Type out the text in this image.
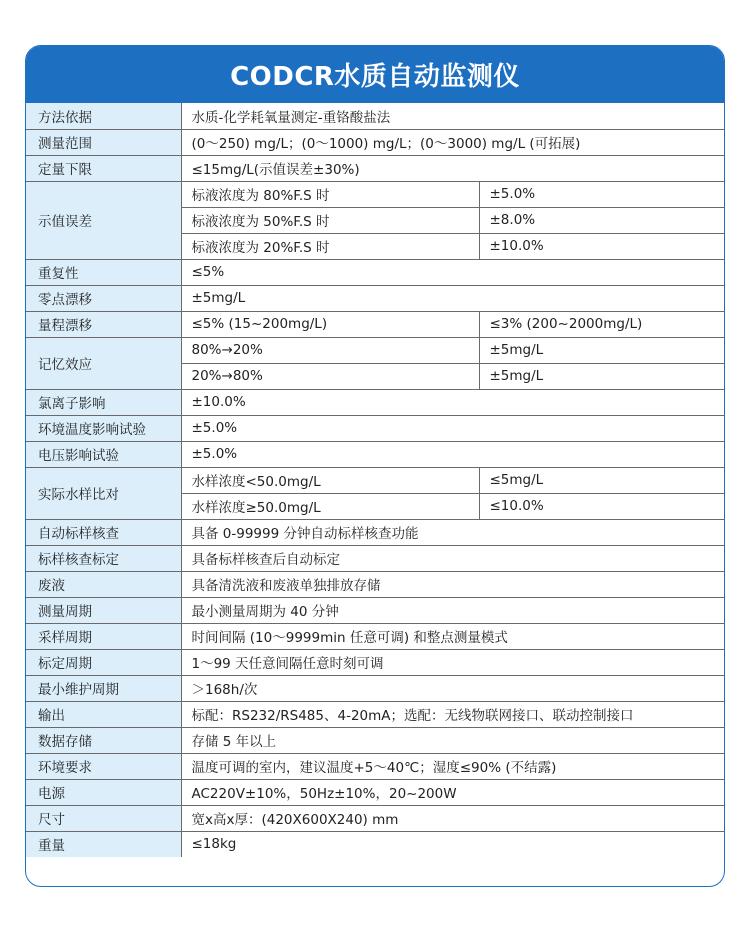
CODCR水质自动监测仪
方法依据	水质-化学耗氧量测定-重铬酸盐法	
测量范围	(0～250) mg/L；(0～1000) mg/L；(0～3000) mg/L (可拓展)	
定量下限	≤15mg/L(示值误差±30%)	
示值误差	标液浓度为 80%F.S 时	±5.0%
	标液浓度为 50%F.S 时	±8.0%
	标液浓度为 20%F.S 时	±10.0%
重复性	≤5%	
零点漂移	±5mg/L	
量程漂移	≤5% (15~200mg/L)	≤3% (200~2000mg/L)
记忆效应	80%→20%	±5mg/L
	20%→80%	±5mg/L
氯离子影响	±10.0%	
环境温度影响试验	±5.0%	
电压影响试验	±5.0%	
实际水样比对	水样浓度<50.0mg/L	≤5mg/L
	水样浓度≥50.0mg/L	≤10.0%
自动标样核查	具备 0-99999 分钟自动标样核查功能	
标样核查标定	具备标样核查后自动标定	
废液	具备清洗液和废液单独排放存储	
测量周期	最小测量周期为 40 分钟	
采样周期	时间间隔 (10～9999min 任意可调) 和整点测量模式	
标定周期	1～99 天任意间隔任意时刻可调	
最小维护周期	＞168h/次	
输出	标配：RS232/RS485、4-20mA；选配：无线物联网接口、联动控制接口	
数据存储	存储 5 年以上	
环境要求	温度可调的室内，建议温度+5～40℃；湿度≤90% (不结露)	
电源	AC220V±10%，50Hz±10%，20~200W	
尺寸	宽x高x厚：(420X600X240) mm	
重量	≤18kg	
